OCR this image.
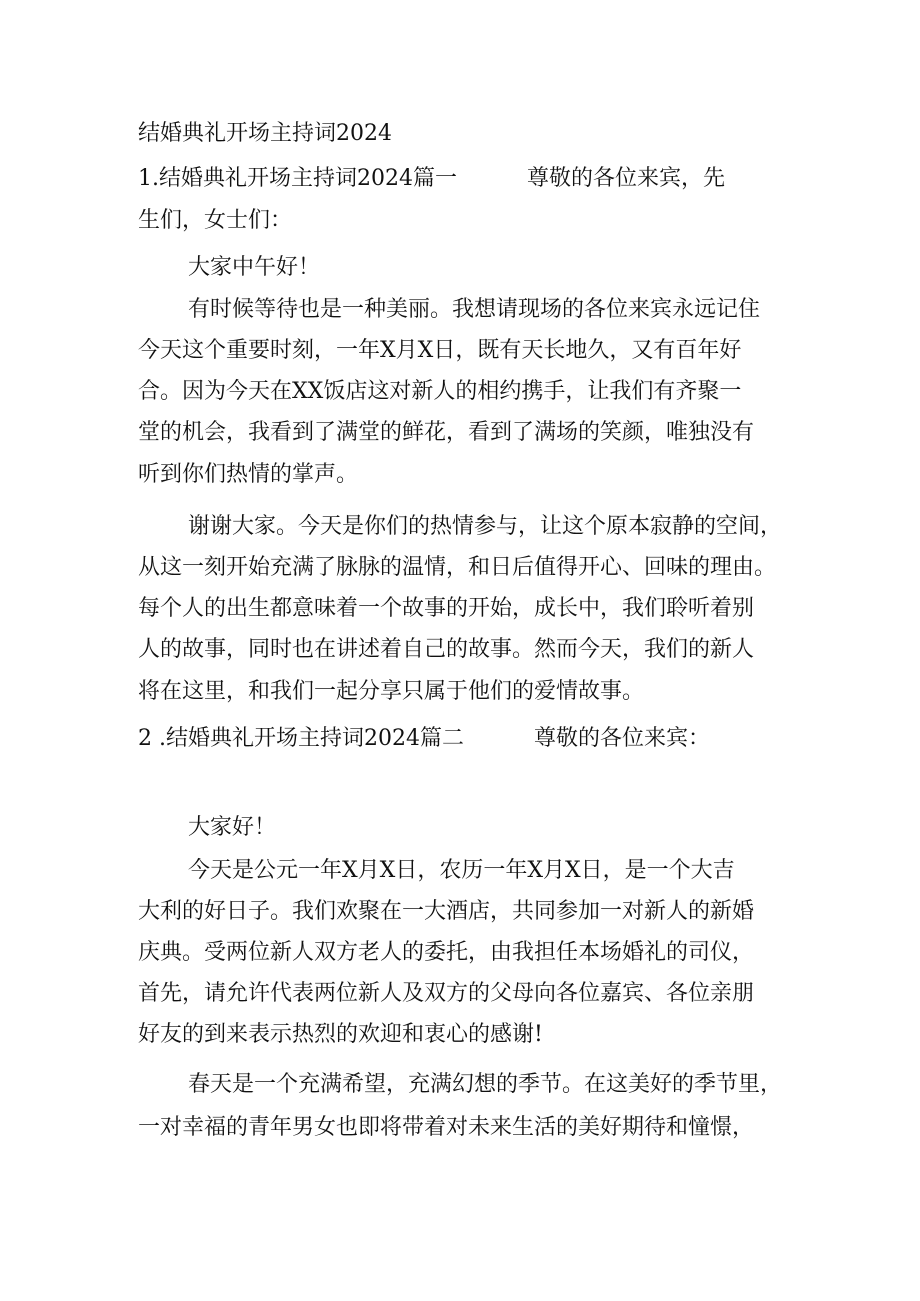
结婚典礼开场主持词2024

1.结婚典礼开场主持词2024篇一	尊敬的各位来宾，先

生们，女士们：

大家中午好！

有时候等待也是一种美丽。我想请现场的各位来宾永远记住

今天这个重要时刻，一年X月X日，既有天长地久，又有百年好

合。因为今天在XX饭店这对新人的相约携手，让我们有齐聚一

堂的机会，我看到了满堂的鲜花，看到了满场的笑颜，唯独没有

听到你们热情的掌声。

谢谢大家。今天是你们的热情参与，让这个原本寂静的空间，

从这一刻开始充满了脉脉的温情，和日后值得开心、回味的理由。

每个人的出生都意味着一个故事的开始，成长中，我们聆听着别

人的故事，同时也在讲述着自己的故事。然而今天，我们的新人

将在这里，和我们一起分享只属于他们的爱情故事。

2 .结婚典礼开场主持词2024篇二	尊敬的各位来宾：

大家好！

今天是公元一年X月X日，农历一年X月X日，是一个大吉

大利的好日子。我们欢聚在一大酒店，共同参加一对新人的新婚

庆典。受两位新人双方老人的委托，由我担任本场婚礼的司仪，

首先，请允许代表两位新人及双方的父母向各位嘉宾、各位亲朋

好友的到来表示热烈的欢迎和衷心的感谢!

春天是一个充满希望，充满幻想的季节。在这美好的季节里，

一对幸福的青年男女也即将带着对未来生活的美好期待和憧憬，
